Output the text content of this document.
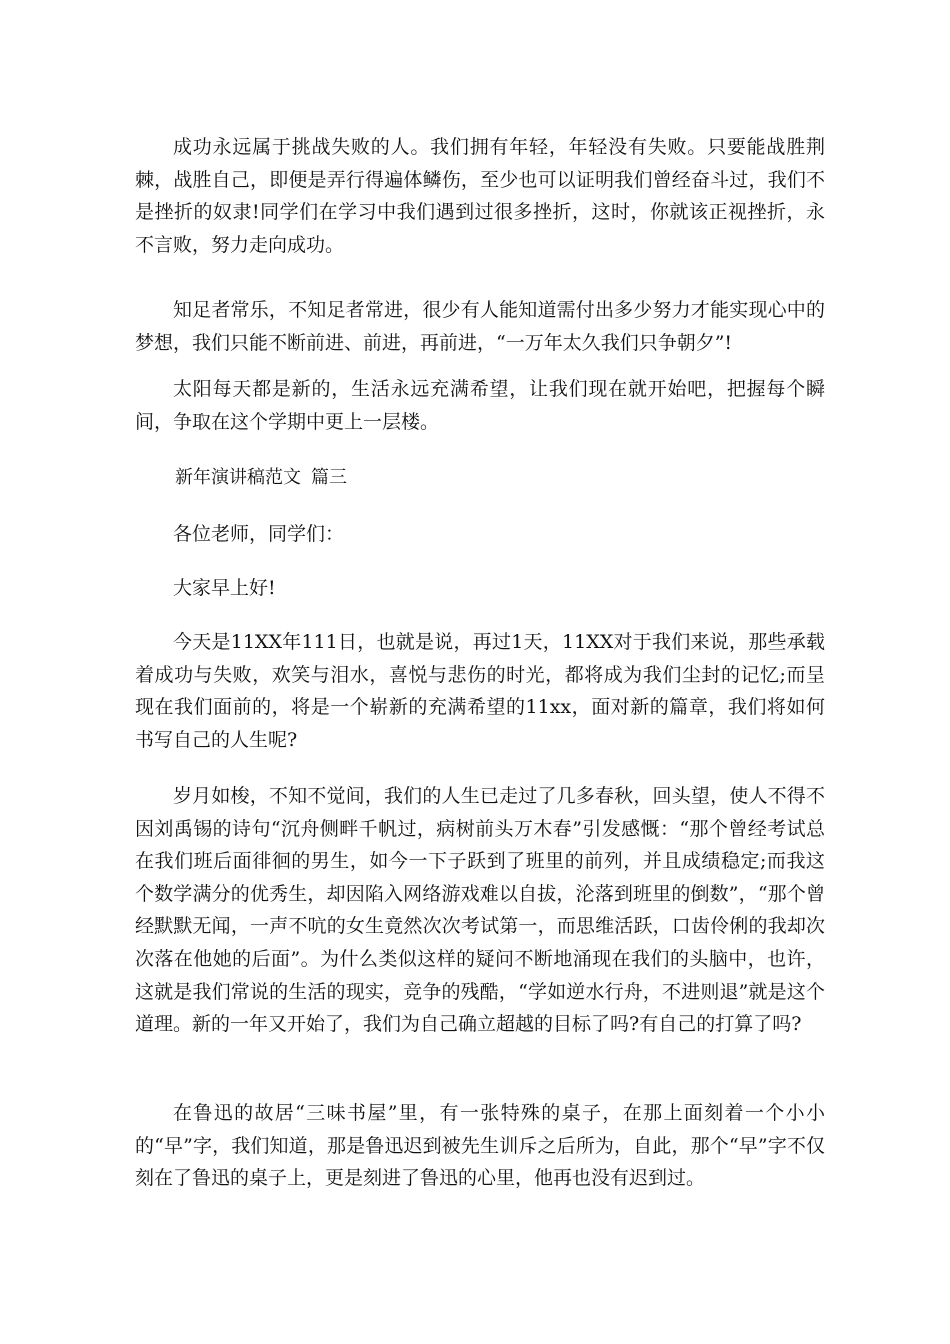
成功永远属于挑战失败的人。我们拥有年轻，年轻没有失败。只要能战胜荆棘，战胜自己，即便是弄行得遍体鳞伤，至少也可以证明我们曾经奋斗过，我们不是挫折的奴隶!同学们在学习中我们遇到过很多挫折，这时，你就该正视挫折，永不言败，努力走向成功。

知足者常乐，不知足者常进，很少有人能知道需付出多少努力才能实现心中的梦想，我们只能不断前进、前进，再前进，“一万年太久我们只争朝夕”!

太阳每天都是新的，生活永远充满希望，让我们现在就开始吧，把握每个瞬间，争取在这个学期中更上一层楼。

新年演讲稿范文 篇三

各位老师，同学们：

大家早上好!

今天是11XX年111日，也就是说，再过1天，11XX对于我们来说，那些承载着成功与失败，欢笑与泪水，喜悦与悲伤的时光，都将成为我们尘封的记忆;而呈现在我们面前的，将是一个崭新的充满希望的11xx，面对新的篇章，我们将如何书写自己的人生呢?

岁月如梭，不知不觉间，我们的人生已走过了几多春秋，回头望，使人不得不因刘禹锡的诗句“沉舟侧畔千帆过，病树前头万木春”引发感慨：“那个曾经考试总在我们班后面徘徊的男生，如今一下子跃到了班里的前列，并且成绩稳定;而我这个数学满分的优秀生，却因陷入网络游戏难以自拔，沦落到班里的倒数”，“那个曾经默默无闻，一声不吭的女生竟然次次考试第一，而思维活跃，口齿伶俐的我却次次落在他她的后面”。为什么类似这样的疑问不断地涌现在我们的头脑中，也许，这就是我们常说的生活的现实，竞争的残酷，“学如逆水行舟，不进则退”就是这个道理。新的一年又开始了，我们为自己确立超越的目标了吗?有自己的打算了吗?

在鲁迅的故居“三味书屋”里，有一张特殊的桌子，在那上面刻着一个小小的“早”字，我们知道，那是鲁迅迟到被先生训斥之后所为，自此，那个“早”字不仅刻在了鲁迅的桌子上，更是刻进了鲁迅的心里，他再也没有迟到过。
